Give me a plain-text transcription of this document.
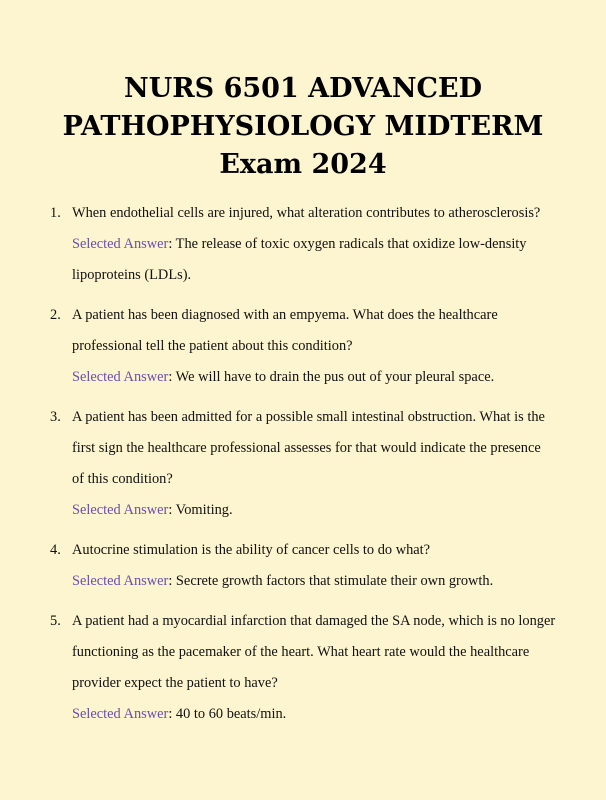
NURS 6501 ADVANCED PATHOPHYSIOLOGY MIDTERM Exam 2024
1. When endothelial cells are injured, what alteration contributes to atherosclerosis?
Selected Answer: The release of toxic oxygen radicals that oxidize low-density lipoproteins (LDLs).
2. A patient has been diagnosed with an empyema. What does the healthcare professional tell the patient about this condition?
Selected Answer: We will have to drain the pus out of your pleural space.
3. A patient has been admitted for a possible small intestinal obstruction. What is the first sign the healthcare professional assesses for that would indicate the presence of this condition?
Selected Answer: Vomiting.
4. Autocrine stimulation is the ability of cancer cells to do what?
Selected Answer: Secrete growth factors that stimulate their own growth.
5. A patient had a myocardial infarction that damaged the SA node, which is no longer functioning as the pacemaker of the heart. What heart rate would the healthcare provider expect the patient to have?
Selected Answer: 40 to 60 beats/min.
